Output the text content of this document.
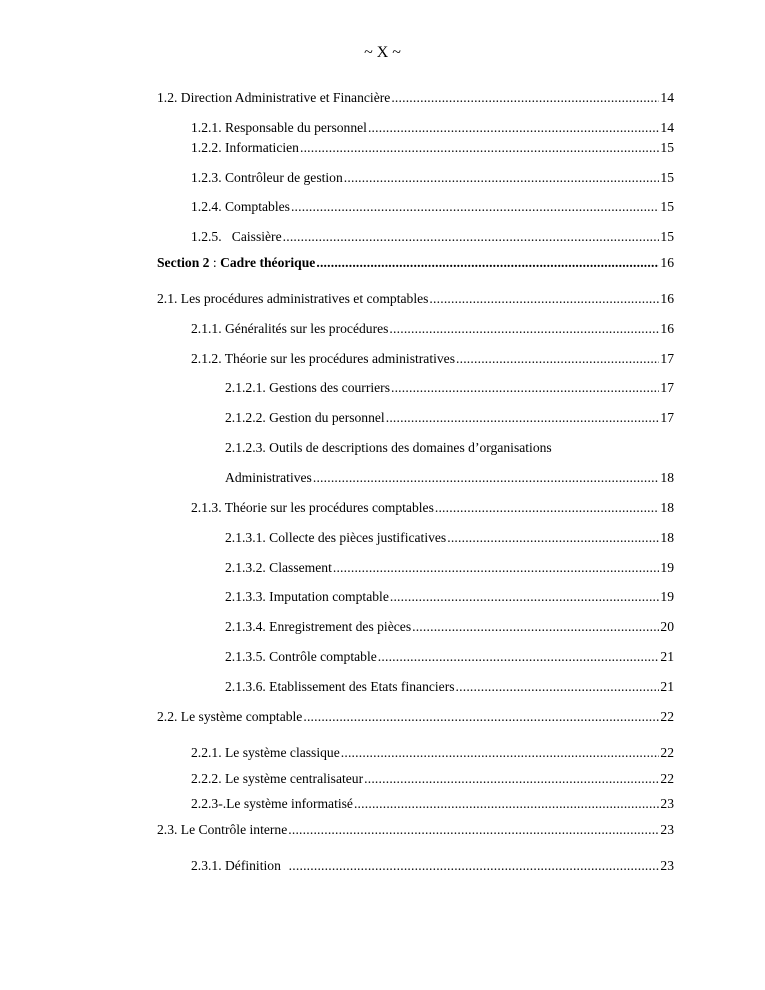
~ X ~
1.2. Direction Administrative et Financière .....	14
1.2.1. Responsable du personnel .....	14
1.2.2. Informaticien .....	15
1.2.3. Contrôleur de gestion .....	15
1.2.4. Comptables .....	15
1.2.5.   Caissière .....	15
Section 2 : Cadre théorique .....	16
2.1. Les procédures administratives et comptables .....	16
2.1.1. Généralités sur les procédures .....	16
2.1.2. Théorie sur les procédures administratives .....	17
2.1.2.1. Gestions des courriers .....	17
2.1.2.2. Gestion du personnel .....	17
2.1.2.3. Outils de descriptions des domaines d’organisations
Administratives .....	18
2.1.3. Théorie sur les procédures comptables .....	18
2.1.3.1. Collecte des pièces justificatives .....	18
2.1.3.2. Classement .....	19
2.1.3.3. Imputation comptable .....	19
2.1.3.4. Enregistrement des pièces .....	20
2.1.3.5. Contrôle comptable .....	21
2.1.3.6. Etablissement des Etats financiers .....	21
2.2. Le système comptable .....	22
2.2.1. Le système classique .....	22
2.2.2. Le système centralisateur .....	22
2.2.3-.Le système informatisé .....	23
2.3. Le Contrôle interne .....	23
2.3.1. Définition .....	23
